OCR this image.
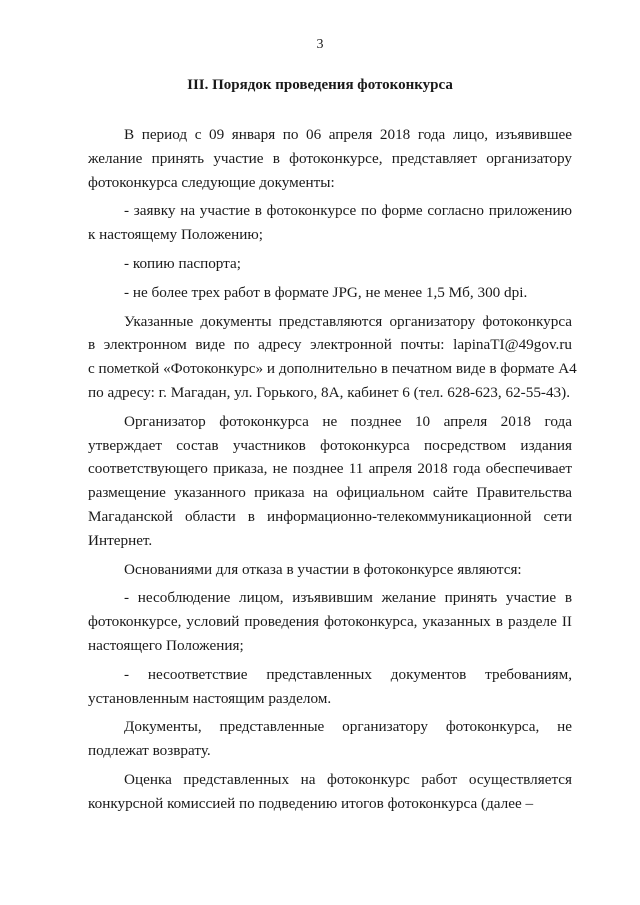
3
III. Порядок проведения фотоконкурса
В период с 09 января по 06 апреля 2018 года лицо, изъявившее
желание принять участие в фотоконкурсе, представляет организатору
фотоконкурса следующие документы:
- заявку на участие в фотоконкурсе по форме согласно приложению
к настоящему Положению;
- копию паспорта;
- не более трех работ в формате JPG, не менее 1,5 Мб, 300 dpi.
Указанные документы представляются организатору фотоконкурса
в электронном виде по адресу электронной почты: lapinaTI@49gov.ru
с пометкой «Фотоконкурс» и дополнительно в печатном виде в формате А4
по адресу: г. Магадан, ул. Горького, 8А, кабинет 6 (тел. 628-623, 62-55-43).
Организатор фотоконкурса не позднее 10 апреля 2018 года
утверждает состав участников фотоконкурса посредством издания
соответствующего приказа, не позднее 11 апреля 2018 года обеспечивает
размещение указанного приказа на официальном сайте Правительства
Магаданской области в информационно-телекоммуникационной сети
Интернет.
Основаниями для отказа в участии в фотоконкурсе являются:
- несоблюдение лицом, изъявившим желание принять участие в
фотоконкурсе, условий проведения фотоконкурса, указанных в разделе II
настоящего Положения;
- несоответствие представленных документов требованиям,
установленным настоящим разделом.
Документы, представленные организатору фотоконкурса, не
подлежат возврату.
Оценка представленных на фотоконкурс работ осуществляется
конкурсной комиссией по подведению итогов фотоконкурса (далее –
